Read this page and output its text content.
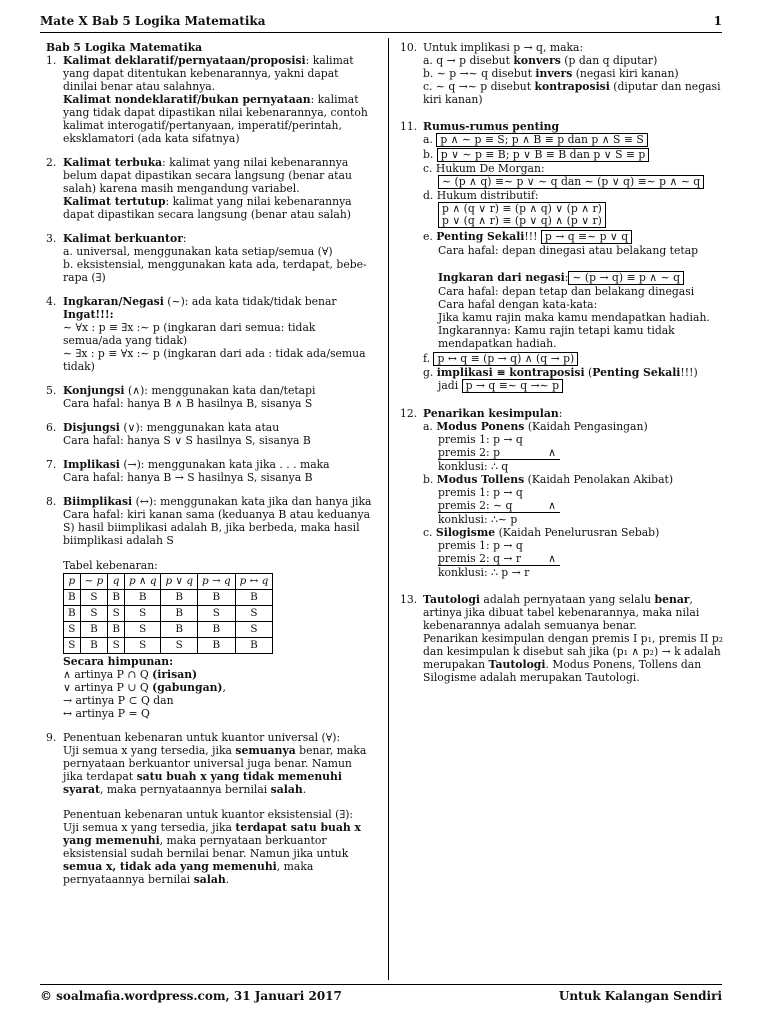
Mate X Bab 5 Logika Matematika	1
Bab 5 Logika Matematika
1. Kalimat deklaratif/pernyataan/proposisi: kalimat yang dapat ditentukan kebenarannya, yakni dapat dinilai benar atau salahnya.

Kalimat nondeklaratif/bukan pernyataan: kalimat yang tidak dapat dipastikan nilai kebenarannya, contoh kalimat interogatif/pertanyaan, imperatif/perintah, eksklamatori (ada kata sifatnya)

2. Kalimat terbuka: kalimat yang nilai kebenarannya belum dapat dipastikan secara langsung (benar atau salah) karena masih mengandung variabel.

Kalimat tertutup: kalimat yang nilai kebenarannya dapat dipastikan secara langsung (benar atau salah)

3. Kalimat berkuantor:

a. universal, menggunakan kata setiap/semua (∀)

b. eksistensial, menggunakan kata ada, terdapat, bebe-rapa (∃)

4. Ingkaran/Negasi (∼): ada kata tidak/tidak benar

Ingat!!!:

∼ ∀x : p ≡ ∃x :∼ p (ingkaran dari semua: tidak semua/ada yang tidak)

∼ ∃x : p ≡ ∀x :∼ p (ingkaran dari ada : tidak ada/semua tidak)

5. Konjungsi (∧): menggunakan kata dan/tetapi

Cara hafal: hanya B ∧ B hasilnya B, sisanya S

6. Disjungsi (∨): menggunakan kata atau

Cara hafal: hanya S ∨ S hasilnya S, sisanya B

7. Implikasi (→): menggunakan kata jika . . . maka

Cara hafal: hanya B → S hasilnya S, sisanya B

8. Biimplikasi (↔): menggunakan kata jika dan hanya jika

Cara hafal: kiri kanan sama (keduanya B atau keduanya S) hasil biimplikasi adalah B, jika berbeda, maka hasil biimplikasi adalah S

Tabel kebenaran:

p	∼ p	q	p ∧ q	p ∨ q	p → q	p ↔ q
B	S	B	B	B	B	B
B	S	S	S	B	S	S
S	B	B	S	B	B	S
S	B	S	S	S	B	B

Secara himpunan:

∧ artinya P ∩ Q (irisan)

∨ artinya P ∪ Q (gabungan),

→ artinya P ⊂ Q dan

↔ artinya P = Q

9. Penentuan kebenaran untuk kuantor universal (∀):

Uji semua x yang tersedia, jika semuanya benar, maka pernyataan berkuantor universal juga benar. Namun jika terdapat satu buah x yang tidak memenuhi syarat, maka pernyataannya bernilai salah.

Penentuan kebenaran untuk kuantor eksistensial (∃):

Uji semua x yang tersedia, jika terdapat satu buah x yang memenuhi, maka pernyataan berkuantor eksistensial sudah bernilai benar. Namun jika untuk semua x, tidak ada yang memenuhi, maka pernyataannya bernilai salah.

10. Untuk implikasi p → q, maka:

a. q → p disebut konvers (p dan q diputar)

b. ∼ p →∼ q disebut invers (negasi kiri kanan)

c. ∼ q →∼ p disebut kontraposisi (diputar dan negasi kiri kanan)

11. Rumus-rumus penting

a. p ∧ ∼ p ≡ S; p ∧ B ≡ p dan p ∧ S ≡ S

b. p ∨ ∼ p ≡ B; p ∨ B ≡ B dan p ∨ S ≡ p

c. Hukum De Morgan:

∼ (p ∧ q) ≡∼ p ∨ ∼ q dan ∼ (p ∨ q) ≡∼ p ∧ ∼ q

d. Hukum distributif:

p ∧ (q ∨ r) ≡ (p ∧ q) ∨ (p ∧ r)
p ∨ (q ∧ r) ≡ (p ∨ q) ∧ (p ∨ r)

e. Penting Sekali!!! p → q ≡∼ p ∨ q

Cara hafal: depan dinegasi atau belakang tetap

Ingkaran dari negasi: ∼ (p → q) ≡ p ∧ ∼ q

Cara hafal: depan tetap dan belakang dinegasi

Cara hafal dengan kata-kata:

Jika kamu rajin maka kamu mendapatkan hadiah.

Ingkarannya: Kamu rajin tetapi kamu tidak mendapatkan hadiah.

f. p ↔ q ≡ (p → q) ∧ (q → p)

g. implikasi ≡ kontraposisi (Penting Sekali!!!)

jadi p → q ≡∼ q →∼ p

12. Penarikan kesimpulan:

a. Modus Ponens (Kaidah Pengasingan)

premis 1: p → q

premis 2: p	∧

konklusi: ∴ q

b. Modus Tollens (Kaidah Penolakan Akibat)

premis 1: p → q

premis 2: ∼ q	∧

konklusi: ∴∼ p

c. Silogisme (Kaidah Penelurusran Sebab)

premis 1: p → q

premis 2: q → r	∧

konklusi: ∴ p → r

13. Tautologi adalah pernyataan yang selalu benar, artinya jika dibuat tabel kebenarannya, maka nilai kebenarannya adalah semuanya benar.

Penarikan kesimpulan dengan premis I p₁, premis II p₂ dan kesimpulan k disebut sah jika (p₁ ∧ p₂) → k adalah merupakan Tautologi. Modus Ponens, Tollens dan Silogisme adalah merupakan Tautologi.

© soalmafia.wordpress.com, 31 Januari 2017	Untuk Kalangan Sendiri
